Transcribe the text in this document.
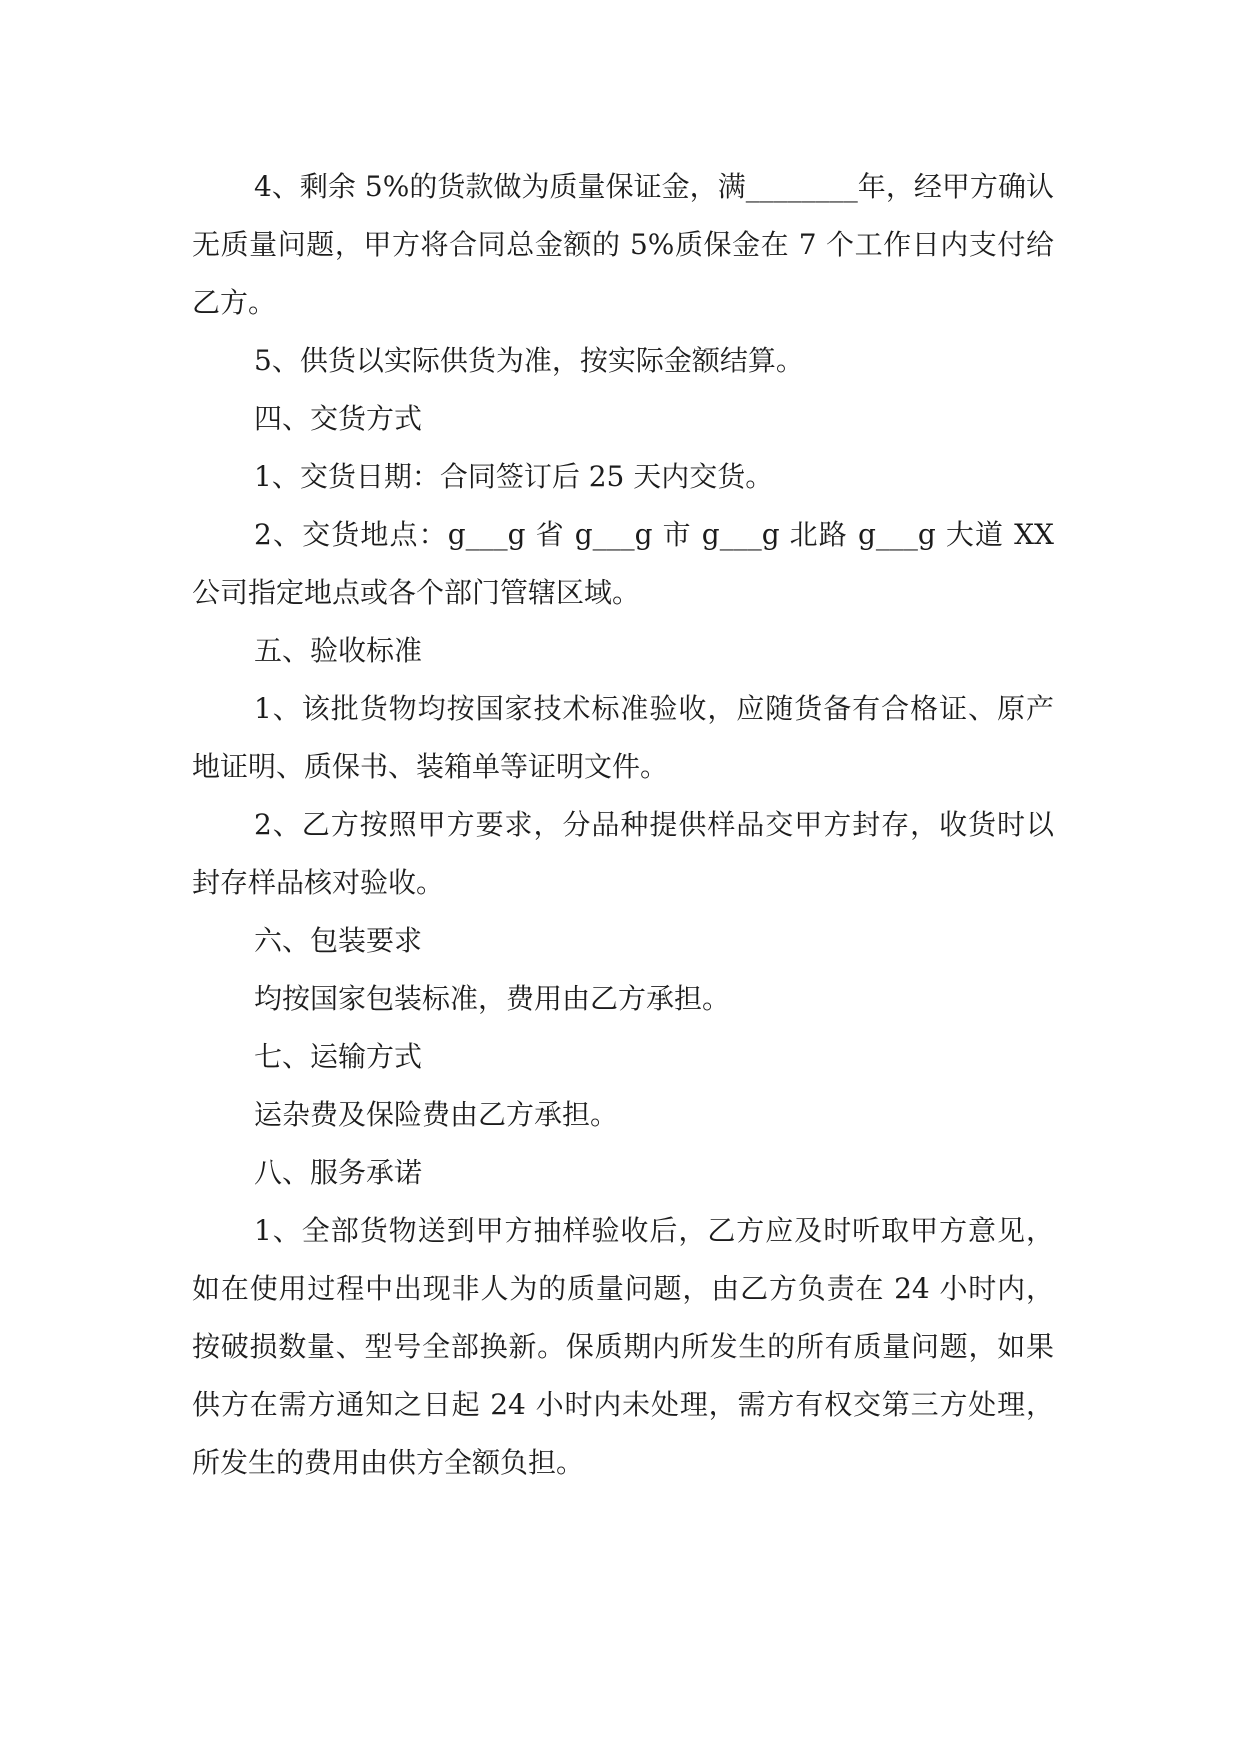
4、剩余 5%的货款做为质量保证金，满________年，经甲方确认无质量问题，甲方将合同总金额的 5%质保金在 7 个工作日内支付给乙方。

5、供货以实际供货为准，按实际金额结算。

四、交货方式

1、交货日期：合同签订后 25 天内交货。

2、交货地点：g___g 省 g___g 市 g___g 北路 g___g 大道 XX 公司指定地点或各个部门管辖区域。

五、验收标准

1、该批货物均按国家技术标准验收，应随货备有合格证、原产地证明、质保书、装箱单等证明文件。

2、乙方按照甲方要求，分品种提供样品交甲方封存，收货时以封存样品核对验收。

六、包装要求

均按国家包装标准，费用由乙方承担。

七、运输方式

运杂费及保险费由乙方承担。

八、服务承诺

1、全部货物送到甲方抽样验收后，乙方应及时听取甲方意见，如在使用过程中出现非人为的质量问题，由乙方负责在 24 小时内，按破损数量、型号全部换新。保质期内所发生的所有质量问题，如果供方在需方通知之日起 24 小时内未处理，需方有权交第三方处理，所发生的费用由供方全额负担。
